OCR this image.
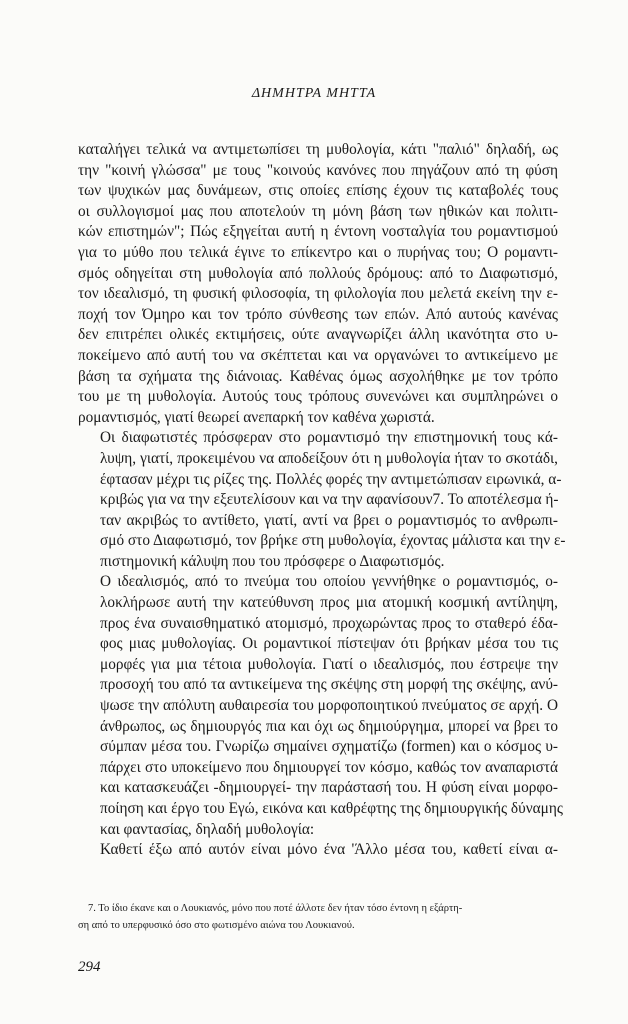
ΔΗΜΗΤΡΑ ΜΗΤΤΑ

καταλήγει τελικά να αντιμετωπίσει τη μυθολογία, κάτι "παλιό" δηλαδή, ως
την "κοινή γλώσσα" με τους "κοινούς κανόνες που πηγάζουν από τη φύση
των ψυχικών μας δυνάμεων, στις οποίες επίσης έχουν τις καταβολές τους
οι συλλογισμοί μας που αποτελούν τη μόνη βάση των ηθικών και πολιτι-
κών επιστημών"; Πώς εξηγείται αυτή η έντονη νοσταλγία του ρομαντισμού
για το μύθο που τελικά έγινε το επίκεντρο και ο πυρήνας του; Ο ρομαντι-
σμός οδηγείται στη μυθολογία από πολλούς δρόμους: από το Διαφωτισμό,
τον ιδεαλισμό, τη φυσική φιλοσοφία, τη φιλολογία που μελετά εκείνη την ε-
ποχή τον Όμηρο και τον τρόπο σύνθεσης των επών. Από αυτούς κανένας
δεν επιτρέπει ολικές εκτιμήσεις, ούτε αναγνωρίζει άλλη ικανότητα στο υ-
ποκείμενο από αυτή του να σκέπτεται και να οργανώνει το αντικείμενο με
βάση τα σχήματα της διάνοιας. Καθένας όμως ασχολήθηκε με τον τρόπο
του με τη μυθολογία. Αυτούς τους τρόπους συνενώνει και συμπληρώνει ο
ρομαντισμός, γιατί θεωρεί ανεπαρκή τον καθένα χωριστά.

Οι διαφωτιστές πρόσφεραν στο ρομαντισμό την επιστημονική τους κά-
λυψη, γιατί, προκειμένου να αποδείξουν ότι η μυθολογία ήταν το σκοτάδι,
έφτασαν μέχρι τις ρίζες της. Πολλές φορές την αντιμετώπισαν ειρωνικά, α-
κριβώς για να την εξευτελίσουν και να την αφανίσουν7. Το αποτέλεσμα ή-
ταν ακριβώς το αντίθετο, γιατί, αντί να βρει ο ρομαντισμός το ανθρωπι-
σμό στο Διαφωτισμό, τον βρήκε στη μυθολογία, έχοντας μάλιστα και την ε-
πιστημονική κάλυψη που του πρόσφερε ο Διαφωτισμός.

Ο ιδεαλισμός, από το πνεύμα του οποίου γεννήθηκε ο ρομαντισμός, ο-
λοκλήρωσε αυτή την κατεύθυνση προς μια ατομική κοσμική αντίληψη,
προς ένα συναισθηματικό ατομισμό, προχωρώντας προς το σταθερό έδα-
φος μιας μυθολογίας. Οι ρομαντικοί πίστεψαν ότι βρήκαν μέσα του τις
μορφές για μια τέτοια μυθολογία. Γιατί ο ιδεαλισμός, που έστρεψε την
προσοχή του από τα αντικείμενα της σκέψης στη μορφή της σκέψης, ανύ-
ψωσε την απόλυτη αυθαιρεσία του μορφοποιητικού πνεύματος σε αρχή. Ο
άνθρωπος, ως δημιουργός πια και όχι ως δημιούργημα, μπορεί να βρει το
σύμπαν μέσα του. Γνωρίζω σημαίνει σχηματίζω (formen) και ο κόσμος υ-
πάρχει στο υποκείμενο που δημιουργεί τον κόσμο, καθώς τον αναπαριστά
και κατασκευάζει -δημιουργεί- την παράστασή του. Η φύση είναι μορφο-
ποίηση και έργο του Εγώ, εικόνα και καθρέφτης της δημιουργικής δύναμης
και φαντασίας, δηλαδή μυθολογία:

Καθετί έξω από αυτόν είναι μόνο ένα 'Άλλο μέσα του, καθετί είναι α-
7. Το ίδιο έκανε και ο Λουκιανός, μόνο που ποτέ άλλοτε δεν ήταν τόσο έντονη η εξάρτη-
ση από το υπερφυσικό όσο στο φωτισμένο αιώνα του Λουκιανού.
294
